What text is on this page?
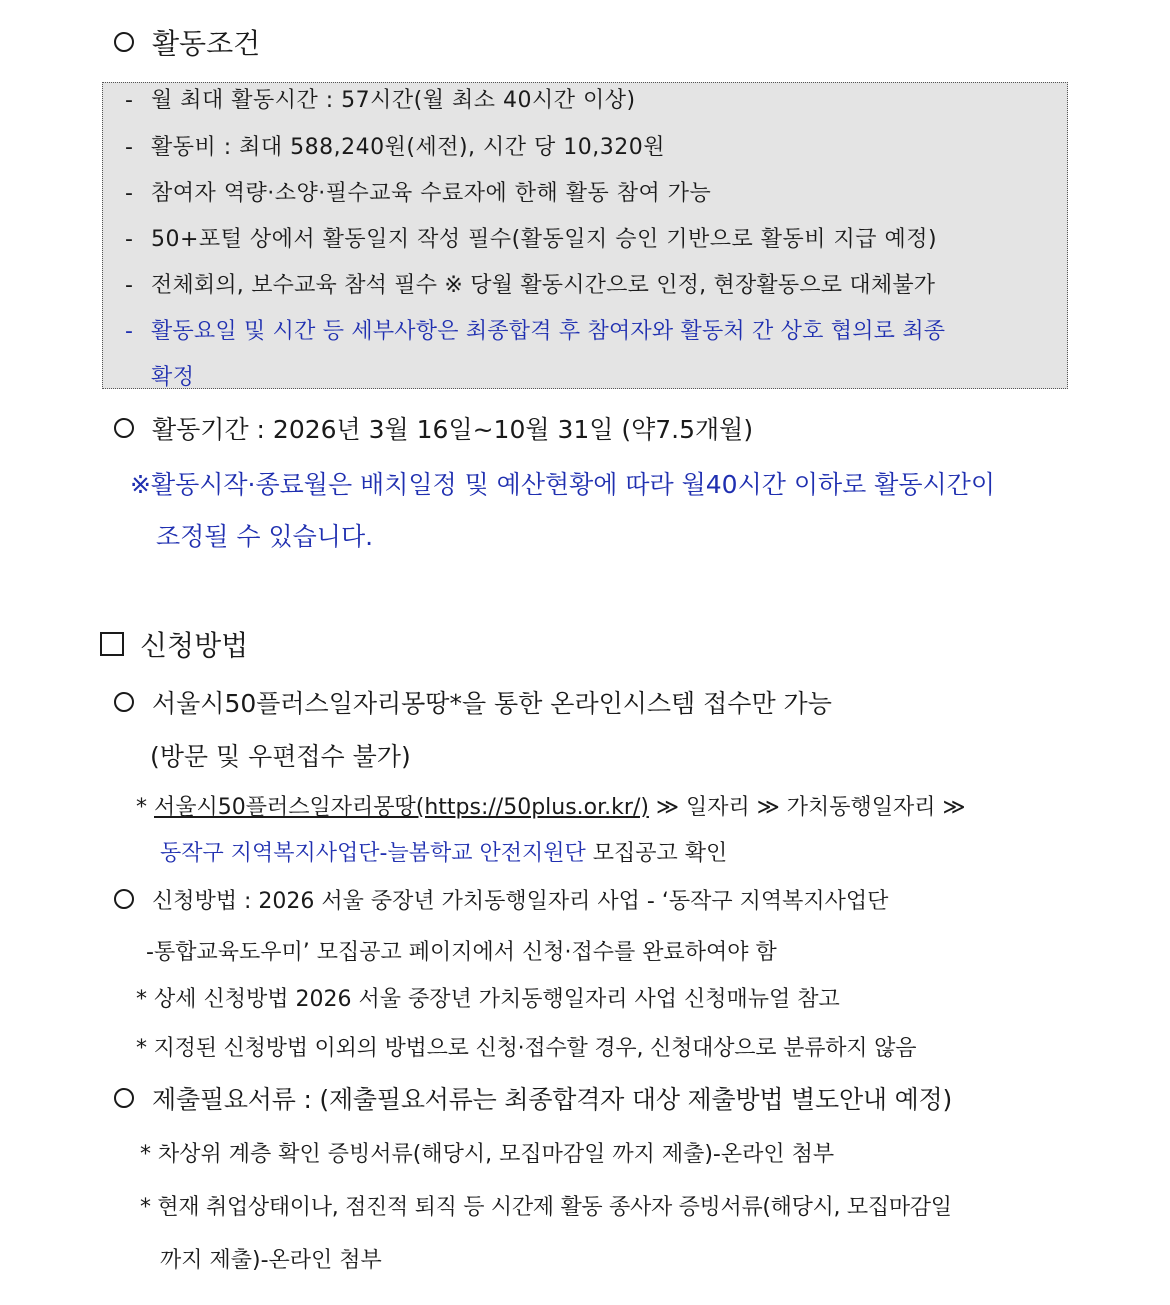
활동조건
- 월 최대 활동시간 : 57시간(월 최소 40시간 이상)
- 활동비 : 최대 588,240원(세전), 시간 당 10,320원
- 참여자 역량·소양·필수교육 수료자에 한해 활동 참여 가능
- 50+포털 상에서 활동일지 작성 필수(활동일지 승인 기반으로 활동비 지급 예정)
- 전체회의, 보수교육 참석 필수 ※ 당월 활동시간으로 인정, 현장활동으로 대체불가
- 활동요일 및 시간 등 세부사항은 최종합격 후 참여자와 활동처 간 상호 협의로 최종
확정
활동기간 : 2026년 3월 16일~10월 31일 (약7.5개월)
※활동시작·종료월은 배치일정 및 예산현황에 따라 월40시간 이하로 활동시간이
조정될 수 있습니다.
신청방법
서울시50플러스일자리몽땅*을 통한 온라인시스템 접수만 가능
(방문 및 우편접수 불가)
* 서울시50플러스일자리몽땅(https://50plus.or.kr/) ≫ 일자리 ≫ 가치동행일자리 ≫
동작구 지역복지사업단-늘봄학교 안전지원단 모집공고 확인
신청방법 : 2026 서울 중장년 가치동행일자리 사업 - ‘동작구 지역복지사업단
-통합교육도우미’ 모집공고 페이지에서 신청·접수를 완료하여야 함
* 상세 신청방법 2026 서울 중장년 가치동행일자리 사업 신청매뉴얼 참고
* 지정된 신청방법 이외의 방법으로 신청·접수할 경우, 신청대상으로 분류하지 않음
제출필요서류 : (제출필요서류는 최종합격자 대상 제출방법 별도안내 예정)
* 차상위 계층 확인 증빙서류(해당시, 모집마감일 까지 제출)-온라인 첨부
* 현재 취업상태이나, 점진적 퇴직 등 시간제 활동 종사자 증빙서류(해당시, 모집마감일
까지 제출)-온라인 첨부
